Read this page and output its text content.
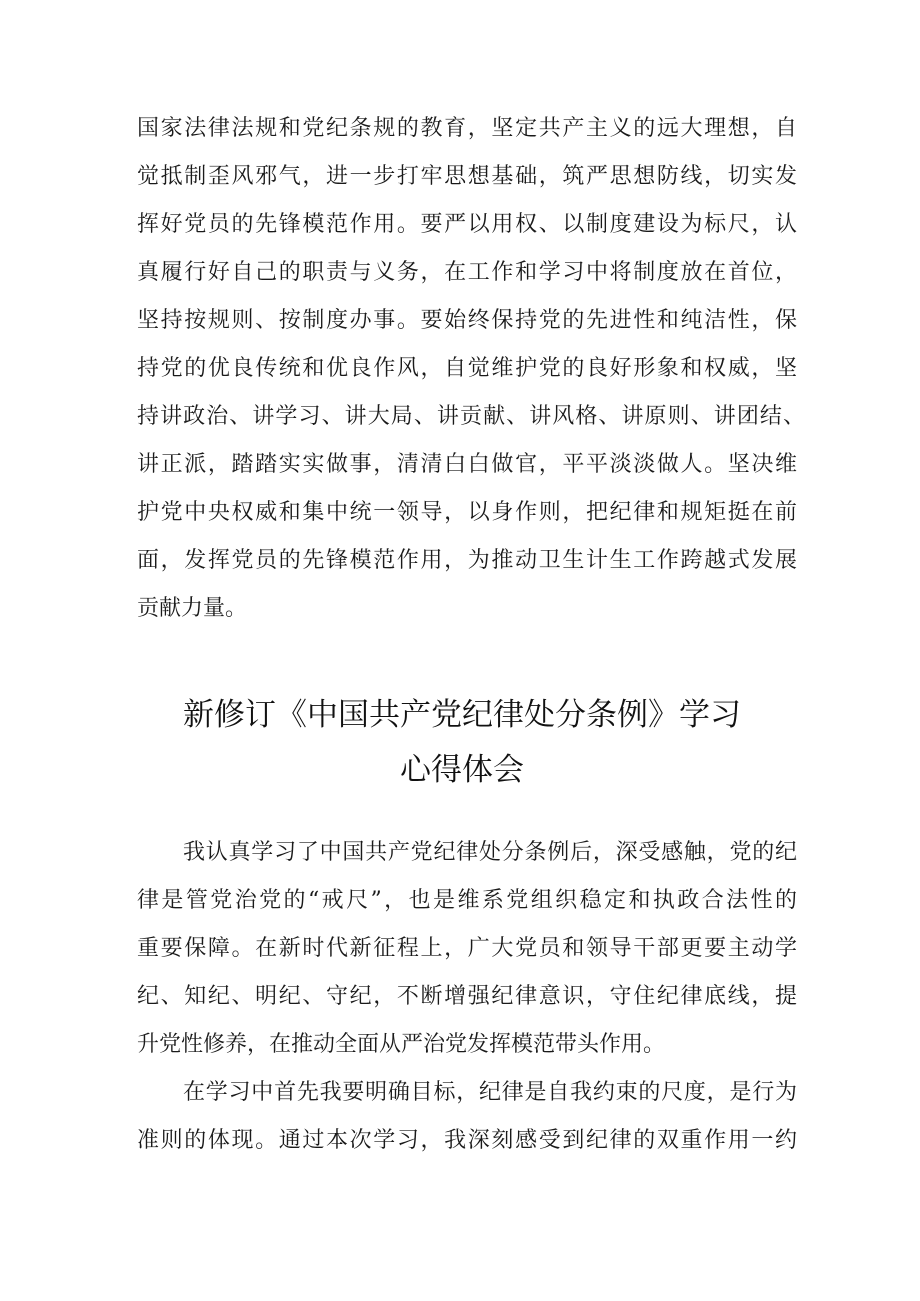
国家法律法规和党纪条规的教育，坚定共产主义的远大理想，自
觉抵制歪风邪气，进一步打牢思想基础，筑严思想防线，切实发
挥好党员的先锋模范作用。要严以用权、以制度建设为标尺，认
真履行好自己的职责与义务，在工作和学习中将制度放在首位，
坚持按规则、按制度办事。要始终保持党的先进性和纯洁性，保
持党的优良传统和优良作风，自觉维护党的良好形象和权威，坚
持讲政治、讲学习、讲大局、讲贡献、讲风格、讲原则、讲团结、
讲正派，踏踏实实做事，清清白白做官，平平淡淡做人。坚决维
护党中央权威和集中统一领导，以身作则，把纪律和规矩挺在前
面，发挥党员的先锋模范作用，为推动卫生计生工作跨越式发展
贡献力量。
新修订《中国共产党纪律处分条例》学习
心得体会
我认真学习了中国共产党纪律处分条例后，深受感触，党的纪
律是管党治党的“戒尺”，也是维系党组织稳定和执政合法性的
重要保障。在新时代新征程上，广大党员和领导干部更要主动学
纪、知纪、明纪、守纪，不断增强纪律意识，守住纪律底线，提
升党性修养，在推动全面从严治党发挥模范带头作用。
在学习中首先我要明确目标，纪律是自我约束的尺度，是行为
准则的体现。通过本次学习，我深刻感受到纪律的双重作用一约
